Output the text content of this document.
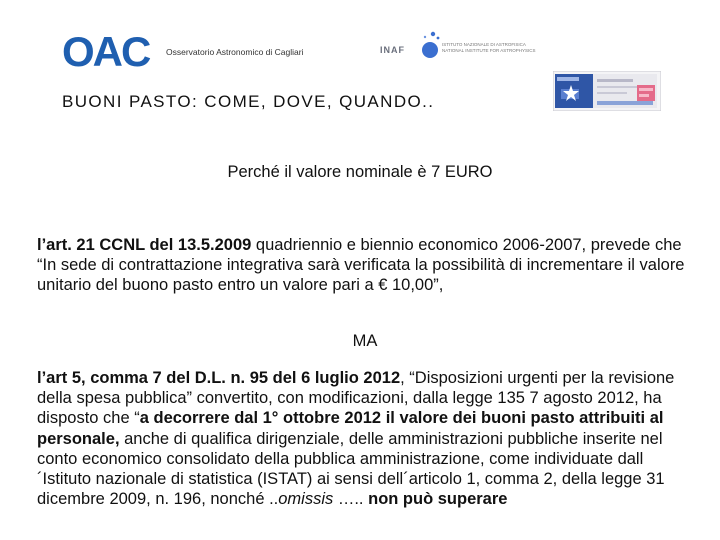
OAC Osservatorio Astronomico di Cagliari	INAF
ISTITUTO NAZIONALE DI ASTROFISICA
NATIONAL INSTITUTE FOR ASTROPHYSICS
BUONI PASTO: COME, DOVE, QUANDO..
Perché il valore nominale è 7 EURO
l’art. 21 CCNL del 13.5.2009 quadriennio e biennio economico 2006-2007, prevede che “In sede di contrattazione integrativa sarà verificata la possibilità di incrementare il valore unitario del buono pasto entro un valore pari a € 10,00”,
MA
l’art 5, comma 7 del D.L. n. 95 del 6 luglio 2012, “Disposizioni urgenti per la revisione della spesa pubblica” convertito, con modificazioni, dalla legge 135 7 agosto 2012, ha disposto che “a decorrere dal 1° ottobre 2012 il valore dei buoni pasto attribuiti al personale, anche di qualifica dirigenziale, delle amministrazioni pubbliche inserite nel conto economico consolidato della pubblica amministrazione, come individuate dall´Istituto nazionale di statistica (ISTAT) ai sensi dell´articolo 1, comma 2, della legge 31 dicembre 2009, n. 196, nonché ..omissis ….. non può superare
